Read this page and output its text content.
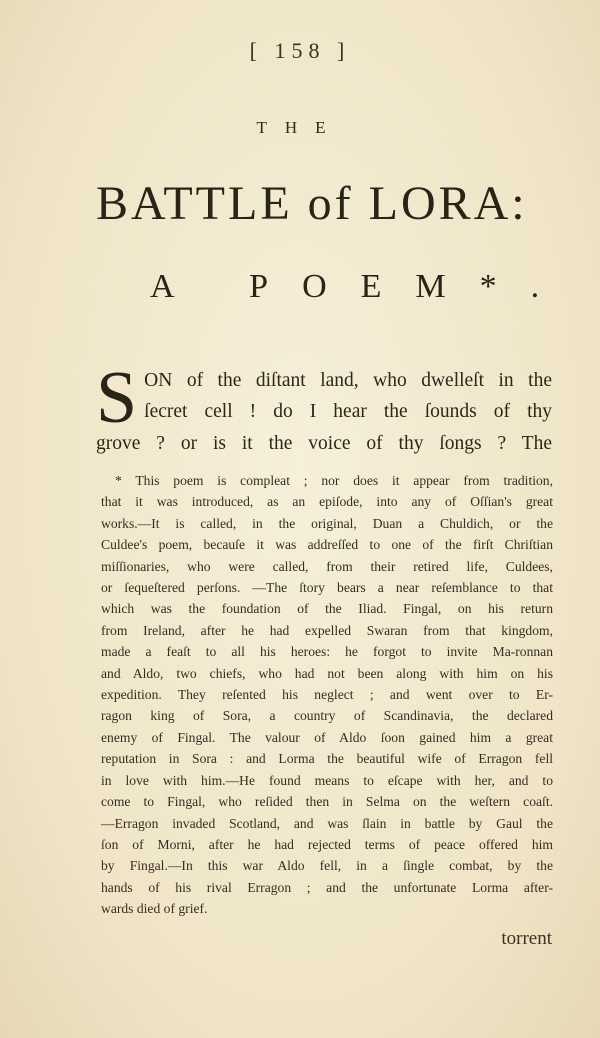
[ 158 ]
THE
BATTLE of LORA:
A POEM*.
S ON of the diſtant land, who dwelleſt in the
ſecret cell ! do I hear the ſounds of thy
grove ? or is it the voice of thy ſongs ? The
* This poem is compleat ; nor does it appear from tradition,
that it was introduced, as an epiſode, into any of Oſſian's great
works.—It is called, in the original, Duan a Chuldich, or the
Culdee's poem, becauſe it was addreſſed to one of the firſt Chriſtian
miſſionaries, who were called, from their retired life, Culdees,
or ſequeſtered perſons. —The ſtory bears a near reſemblance to that
which was the foundation of the Iliad. Fingal, on his return
from Ireland, after he had expelled Swaran from that kingdom,
made a feaſt to all his heroes: he forgot to invite Ma-ronnan
and Aldo, two chiefs, who had not been along with him on his
expedition. They reſented his neglect ; and went over to Er-
ragon king of Sora, a country of Scandinavia, the declared
enemy of Fingal. The valour of Aldo ſoon gained him a great
reputation in Sora : and Lorma the beautiful wife of Erragon fell
in love with him.—He found means to eſcape with her, and to
come to Fingal, who reſided then in Selma on the weſtern coaſt.
—Erragon invaded Scotland, and was ſlain in battle by Gaul the
ſon of Morni, after he had rejected terms of peace offered him
by Fingal.—In this war Aldo fell, in a ſingle combat, by the
hands of his rival Erragon ; and the unfortunate Lorma after-
wards died of grief.
torrent
